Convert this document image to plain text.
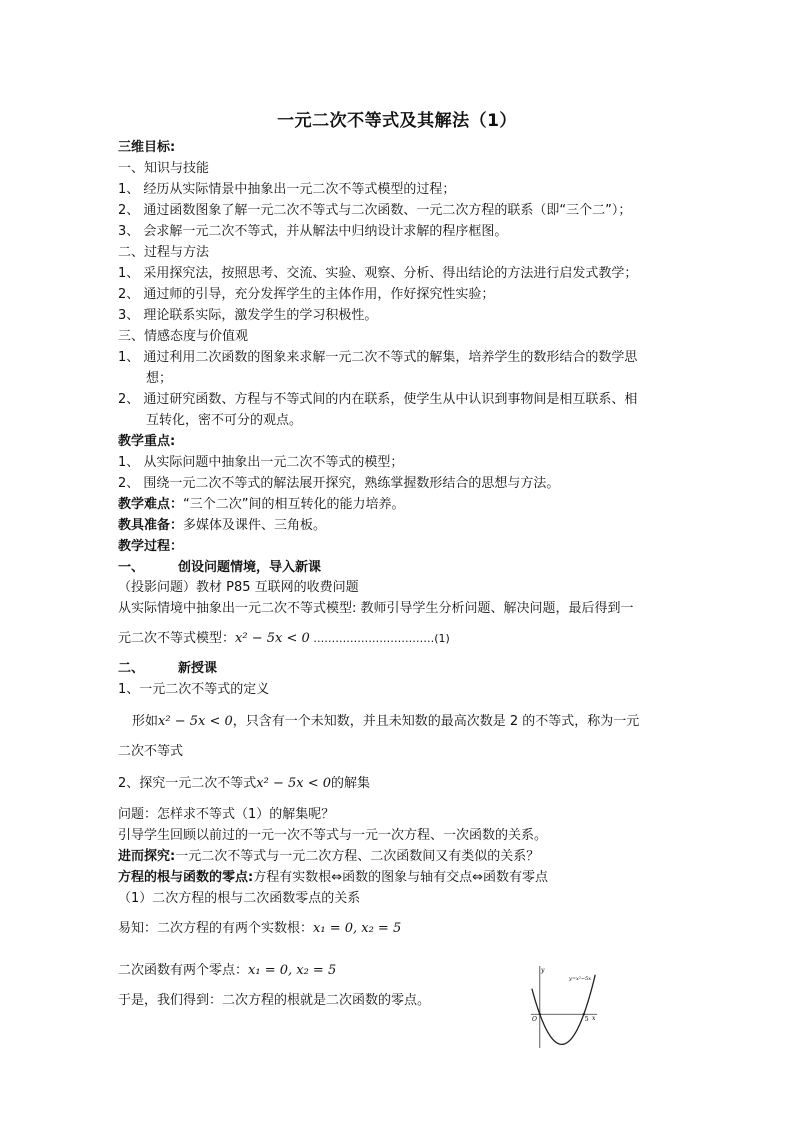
一元二次不等式及其解法（1）
三维目标:
一、知识与技能
1、 经历从实际情景中抽象出一元二次不等式模型的过程；
2、 通过函数图象了解一元二次不等式与二次函数、一元二次方程的联系（即“三个二”）；
3、 会求解一元二次不等式，并从解法中归纳设计求解的程序框图。
二、过程与方法
1、 采用探究法，按照思考、交流、实验、观察、分析、得出结论的方法进行启发式教学；
2、 通过师的引导，充分发挥学生的主体作用，作好探究性实验；
3、 理论联系实际，激发学生的学习积极性。
三、情感态度与价值观
1、 通过利用二次函数的图象来求解一元二次不等式的解集，培养学生的数形结合的数学思
想；
2、 通过研究函数、方程与不等式间的内在联系，使学生从中认识到事物间是相互联系、相
互转化，密不可分的观点。
教学重点:
1、 从实际问题中抽象出一元二次不等式的模型；
2、 围绕一元二次不等式的解法展开探究，熟练掌握数形结合的思想与方法。
教学难点：“三个二次”间的相互转化的能力培养。
教具准备：多媒体及课件、三角板。
教学过程：
一、	创设问题情境，导入新课
（投影问题）教材 P85 互联网的收费问题
从实际情境中抽象出一元二次不等式模型: 教师引导学生分析问题、解决问题，最后得到一
元二次不等式模型：x² − 5x < 0 ……………………………(1)
二、	新授课
1、一元二次不等式的定义
形如x² − 5x < 0，只含有一个未知数，并且未知数的最高次数是 2 的不等式，称为一元
二次不等式
2、探究一元二次不等式x² − 5x < 0的解集
问题：怎样求不等式（1）的解集呢？
引导学生回顾以前过的一元一次不等式与一元一次方程、一次函数的关系。
进而探究:一元二次不等式与一元二次方程、二次函数间又有类似的关系？
方程的根与函数的零点:方程有实数根⇔函数的图象与轴有交点⇔函数有零点
（1）二次方程的根与二次函数零点的关系
易知：二次方程的有两个实数根：x₁ = 0, x₂ = 5
二次函数有两个零点：x₁ = 0, x₂ = 5
于是，我们得到：二次方程的根就是二次函数的零点。
y
y=x²−5x
O	5 x
